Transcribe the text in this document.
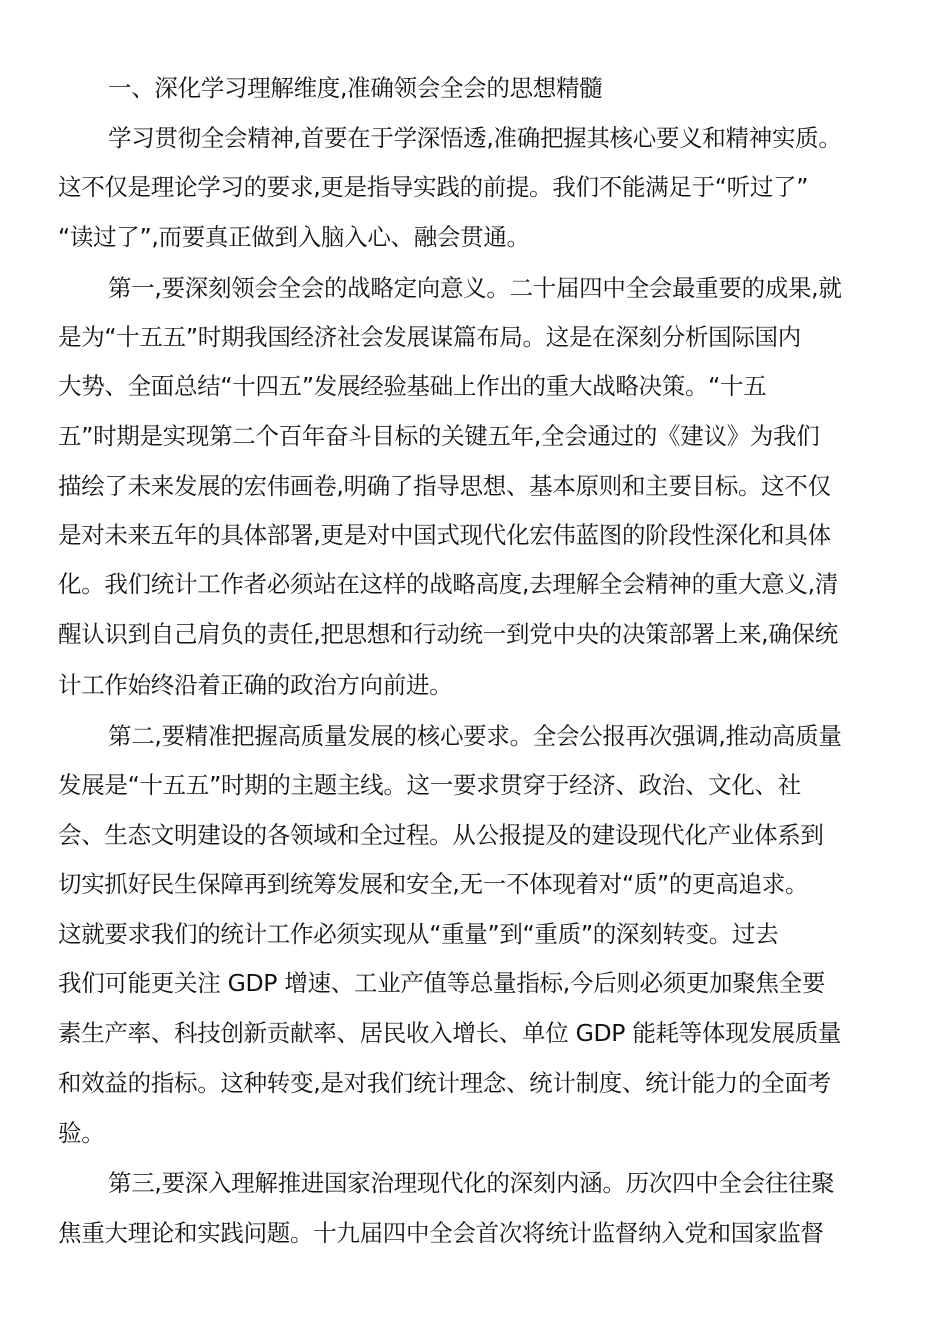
一、深化学习理解维度,准确领会全会的思想精髓
学习贯彻全会精神,首要在于学深悟透,准确把握其核心要义和精神实质。
这不仅是理论学习的要求,更是指导实践的前提。我们不能满足于“听过了”
“读过了”,而要真正做到入脑入心、融会贯通。
第一,要深刻领会全会的战略定向意义。二十届四中全会最重要的成果,就
是为“十五五”时期我国经济社会发展谋篇布局。这是在深刻分析国际国内
大势、全面总结“十四五”发展经验基础上作出的重大战略决策。“十五
五”时期是实现第二个百年奋斗目标的关键五年,全会通过的《建议》为我们
描绘了未来发展的宏伟画卷,明确了指导思想、基本原则和主要目标。这不仅
是对未来五年的具体部署,更是对中国式现代化宏伟蓝图的阶段性深化和具体
化。我们统计工作者必须站在这样的战略高度,去理解全会精神的重大意义,清
醒认识到自己肩负的责任,把思想和行动统一到党中央的决策部署上来,确保统
计工作始终沿着正确的政治方向前进。
第二,要精准把握高质量发展的核心要求。全会公报再次强调,推动高质量
发展是“十五五”时期的主题主线。这一要求贯穿于经济、政治、文化、社
会、生态文明建设的各领域和全过程。从公报提及的建设现代化产业体系到
切实抓好民生保障再到统筹发展和安全,无一不体现着对“质”的更高追求。
这就要求我们的统计工作必须实现从“重量”到“重质”的深刻转变。过去
我们可能更关注 GDP 增速、工业产值等总量指标,今后则必须更加聚焦全要
素生产率、科技创新贡献率、居民收入增长、单位 GDP 能耗等体现发展质量
和效益的指标。这种转变,是对我们统计理念、统计制度、统计能力的全面考
验。
第三,要深入理解推进国家治理现代化的深刻内涵。历次四中全会往往聚
焦重大理论和实践问题。十九届四中全会首次将统计监督纳入党和国家监督
